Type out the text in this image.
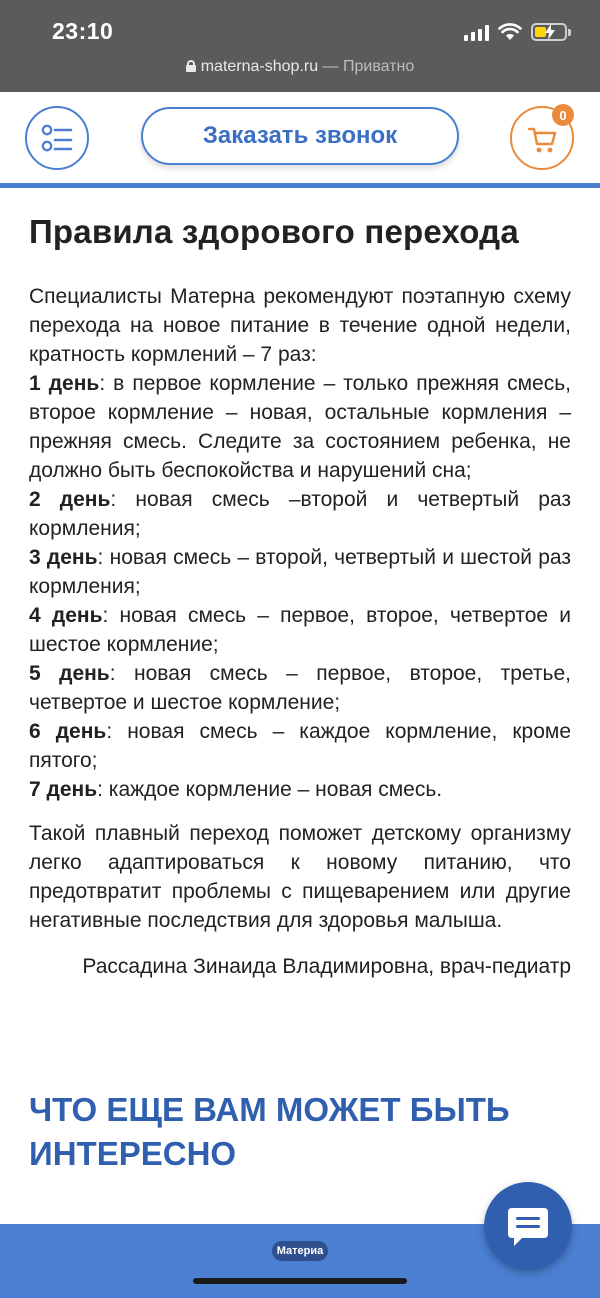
23:10
materna-shop.ru — Приватно
Заказать звонок
0
Правила здорового перехода

Специалисты Матерна рекомендуют поэтапную схему перехода на новое питание в течение одной недели, кратность кормлений – 7 раз:

1 день: в первое кормление – только прежняя смесь, второе кормление – новая, остальные кормления – прежняя смесь. Следите за состоянием ребенка, не должно быть беспокойства и нарушений сна;

2 день: новая смесь –второй и четвертый раз кормления;

3 день: новая смесь – второй, четвертый и шестой раз кормления;

4 день: новая смесь – первое, второе, четвертое и шестое кормление;

5 день: новая смесь – первое, второе, третье, четвертое и шестое кормление;

6 день: новая смесь – каждое кормление, кроме пятого;

7 день: каждое кормление – новая смесь.

Такой плавный переход поможет детскому организму легко адаптироваться к новому питанию, что предотвратит проблемы с пищеварением или другие негативные последствия для здоровья малыша.

Рассадина Зинаида Владимировна, врач-педиатр

ЧТО ЕЩЕ ВАМ МОЖЕТ БЫТЬ ИНТЕРЕСНО
Материа
